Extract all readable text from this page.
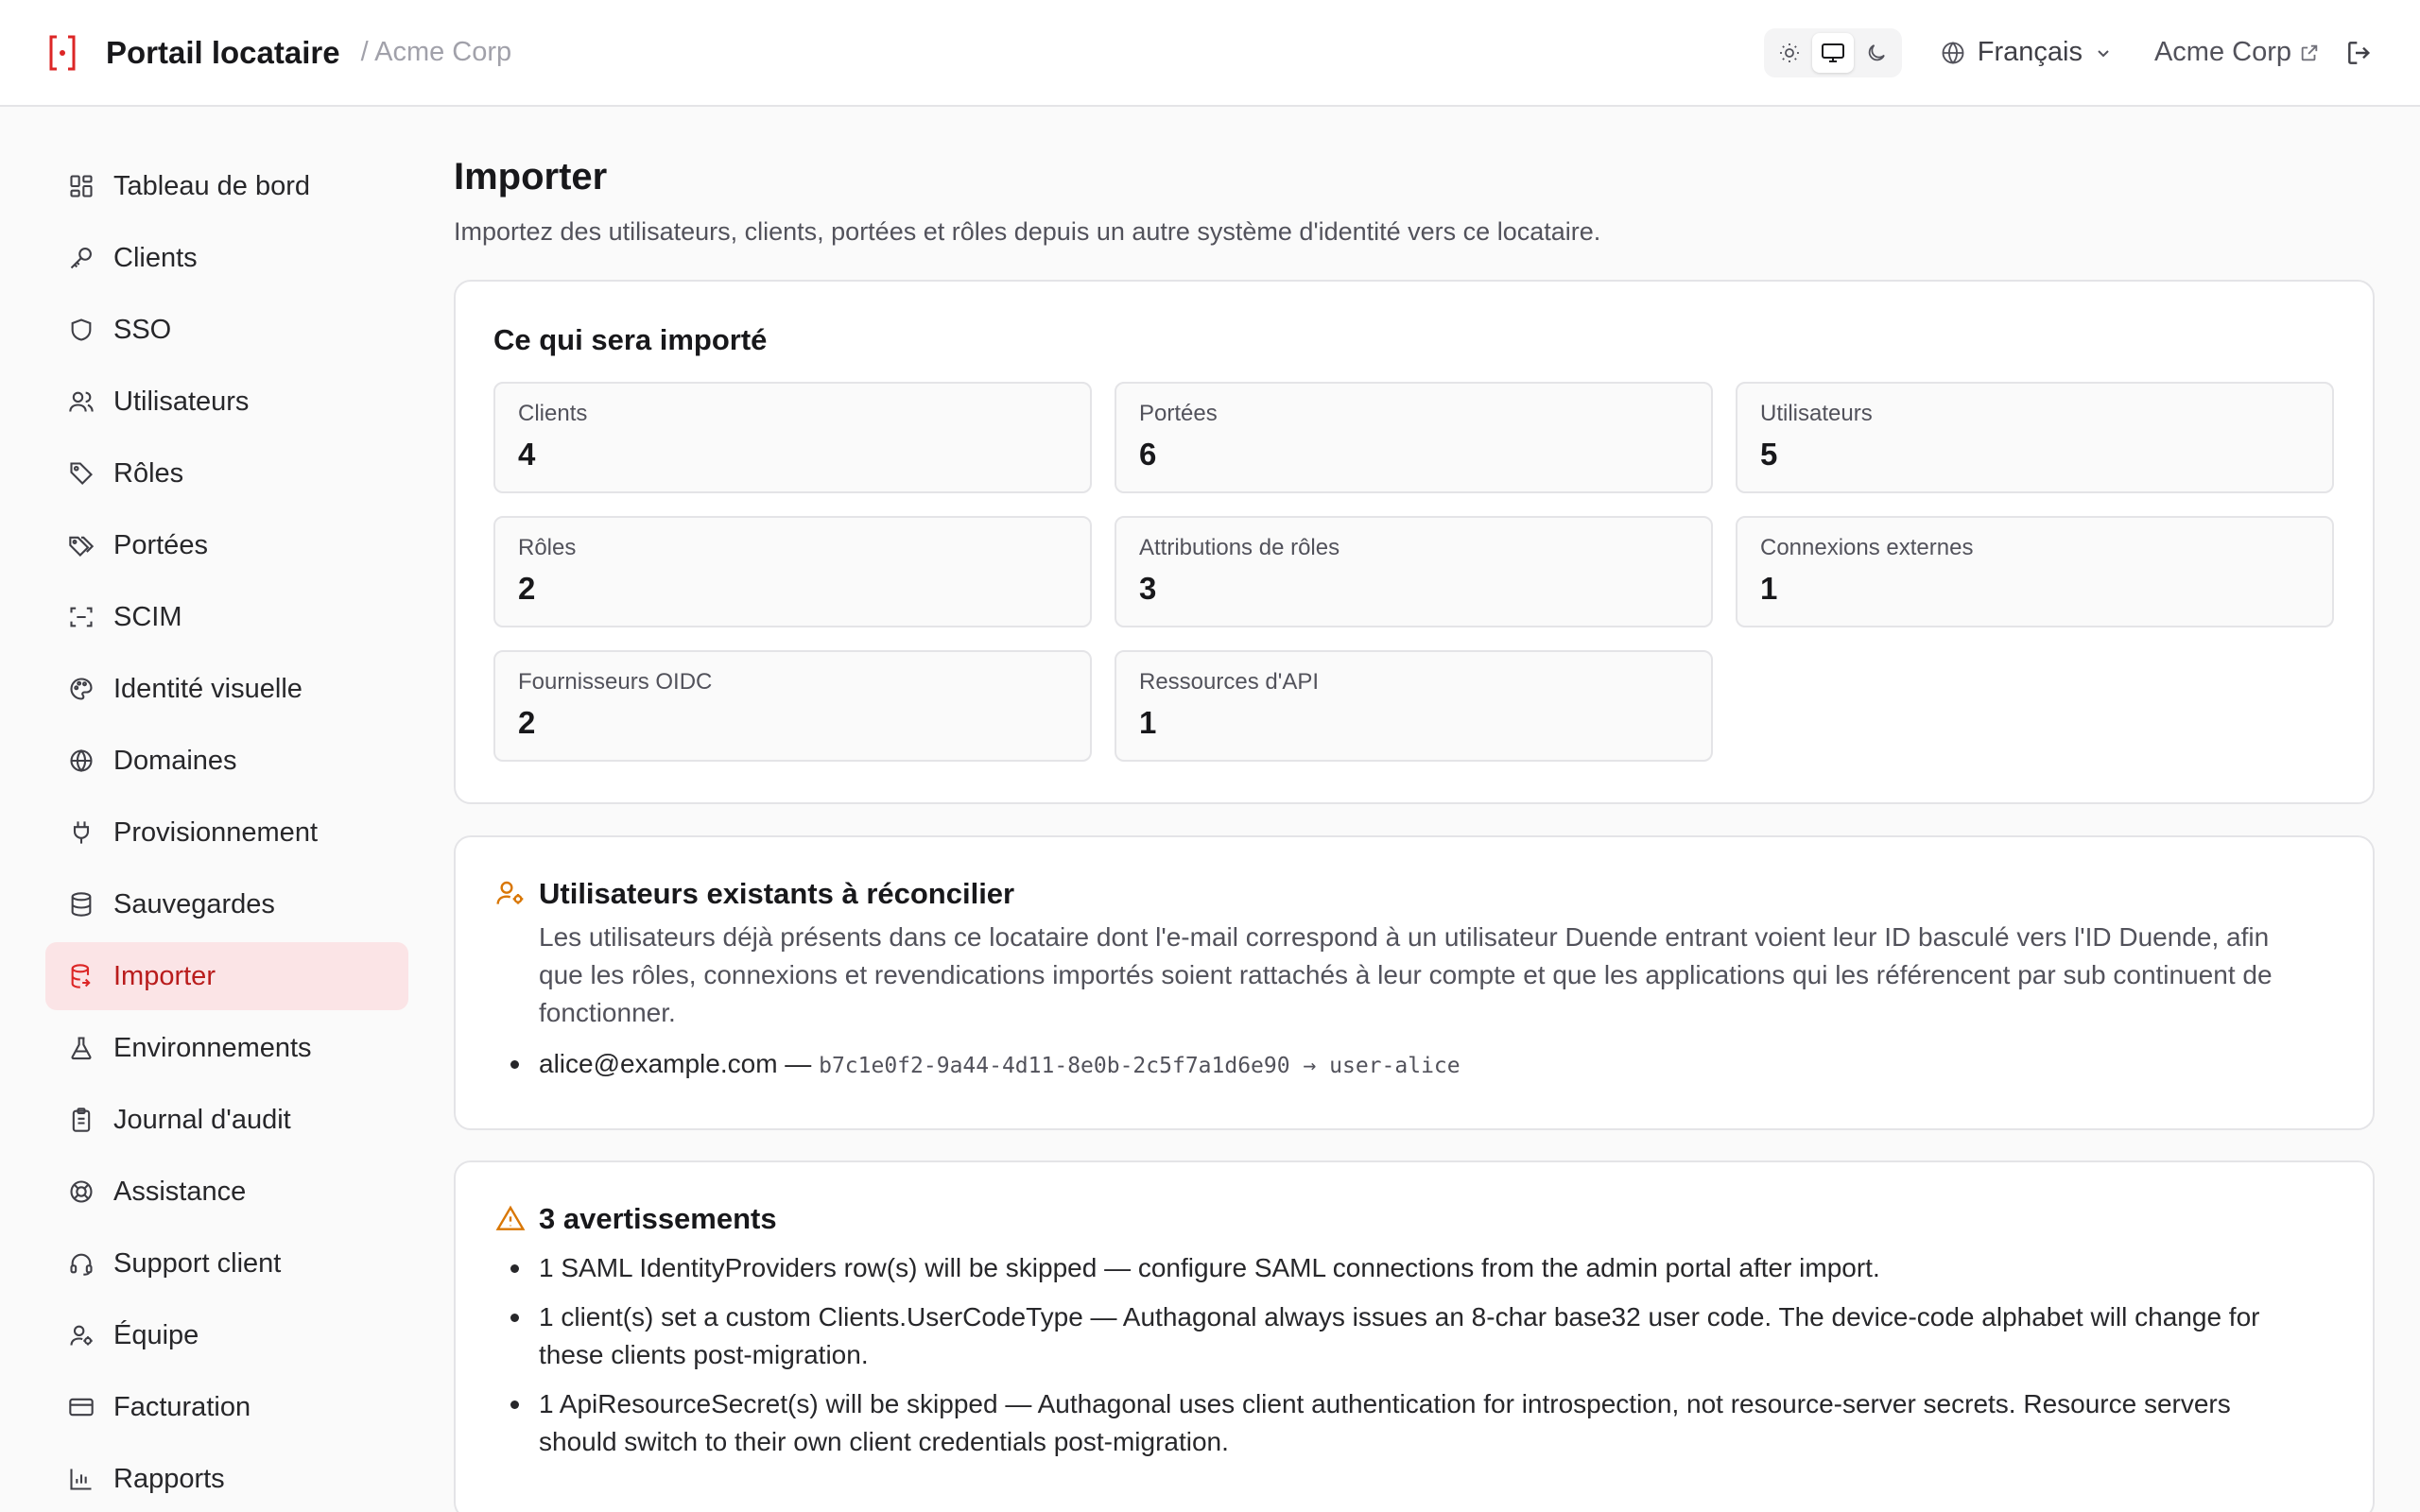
Portail locataire / Acme Corp	Français	Acme Corp
Tableau de bord
Clients
SSO
Utilisateurs
Rôles
Portées
SCIM
Identité visuelle
Domaines
Provisionnement
Sauvegardes
Importer
Environnements
Journal d'audit
Assistance
Support client
Équipe
Facturation
Rapports
Importer

Importez des utilisateurs, clients, portées et rôles depuis un autre système d'identité vers ce locataire.

Ce qui sera importé
Clients
4
Portées
6
Utilisateurs
5
Rôles
2
Attributions de rôles
3
Connexions externes
1
Fournisseurs OIDC
2
Ressources d'API
1
Utilisateurs existants à réconcilier

Les utilisateurs déjà présents dans ce locataire dont l'e-mail correspond à un utilisateur Duende entrant voient leur ID basculé vers l'ID Duende, afin que les rôles, connexions et revendications importés soient rattachés à leur compte et que les applications qui les référencent par sub continuent de fonctionner.

alice@example.com — b7c1e0f2-9a44-4d11-8e0b-2c5f7a1d6e90 → user-alice
3 avertissements
1 SAML IdentityProviders row(s) will be skipped — configure SAML connections from the admin portal after import.
1 client(s) set a custom Clients.UserCodeType — Authagonal always issues an 8-char base32 user code. The device-code alphabet will change for these clients post-migration.
1 ApiResourceSecret(s) will be skipped — Authagonal uses client authentication for introspection, not resource-server secrets. Resource servers should switch to their own client credentials post-migration.
